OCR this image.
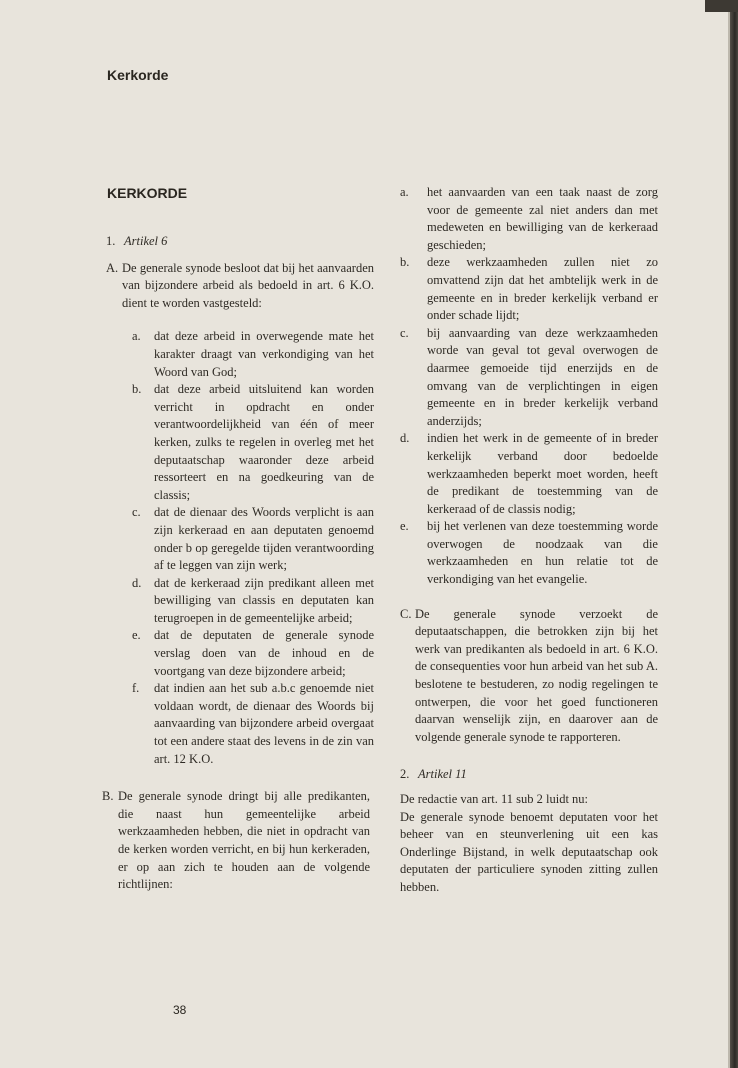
Kerkorde
KERKORDE
1. Artikel 6
A. De generale synode besloot dat bij het aanvaarden van bijzondere arbeid als bedoeld in art. 6 K.O. dient te worden vastgesteld:
a. dat deze arbeid in overwegende mate het karakter draagt van verkondiging van het Woord van God;
b. dat deze arbeid uitsluitend kan worden verricht in opdracht en onder verantwoordelijkheid van één of meer kerken, zulks te regelen in overleg met het deputaatschap waaronder deze arbeid ressorteert en na goedkeuring van de classis;
c. dat de dienaar des Woords verplicht is aan zijn kerkeraad en aan deputaten genoemd onder b op geregelde tijden verantwoording af te leggen van zijn werk;
d. dat de kerkeraad zijn predikant alleen met bewilliging van classis en deputaten kan terugroepen in de gemeentelijke arbeid;
e. dat de deputaten de generale synode verslag doen van de inhoud en de voortgang van deze bijzondere arbeid;
f. dat indien aan het sub a.b.c genoemde niet voldaan wordt, de dienaar des Woords bij aanvaarding van bijzondere arbeid overgaat tot een andere staat des levens in de zin van art. 12 K.O.
B. De generale synode dringt bij alle predikanten, die naast hun gemeentelijke arbeid werkzaamheden hebben, die niet in opdracht van de kerken worden verricht, en bij hun kerkeraden, er op aan zich te houden aan de volgende richtlijnen:
a. het aanvaarden van een taak naast de zorg voor de gemeente zal niet anders dan met medeweten en bewilliging van de kerkeraad geschieden;
b. deze werkzaamheden zullen niet zo omvattend zijn dat het ambtelijk werk in de gemeente en in breder kerkelijk verband er onder schade lijdt;
c. bij aanvaarding van deze werkzaamheden worde van geval tot geval overwogen de daarmee gemoeide tijd enerzijds en de omvang van de verplichtingen in eigen gemeente en in breder kerkelijk verband anderzijds;
d. indien het werk in de gemeente of in breder kerkelijk verband door bedoelde werkzaamheden beperkt moet worden, heeft de predikant de toestemming van de kerkeraad of de classis nodig;
e. bij het verlenen van deze toestemming worde overwogen de noodzaak van die werkzaamheden en hun relatie tot de verkondiging van het evangelie.
C. De generale synode verzoekt de deputaatschappen, die betrokken zijn bij het werk van predikanten als bedoeld in art. 6 K.O. de consequenties voor hun arbeid van het sub A. beslotene te bestuderen, zo nodig regelingen te ontwerpen, die voor het goed functioneren daarvan wenselijk zijn, en daarover aan de volgende generale synode te rapporteren.
2. Artikel 11

De redactie van art. 11 sub 2 luidt nu:

De generale synode benoemt deputaten voor het beheer van en steunverlening uit een kas Onderlinge Bijstand, in welk deputaatschap ook deputaten der particuliere synoden zitting zullen hebben.

38
